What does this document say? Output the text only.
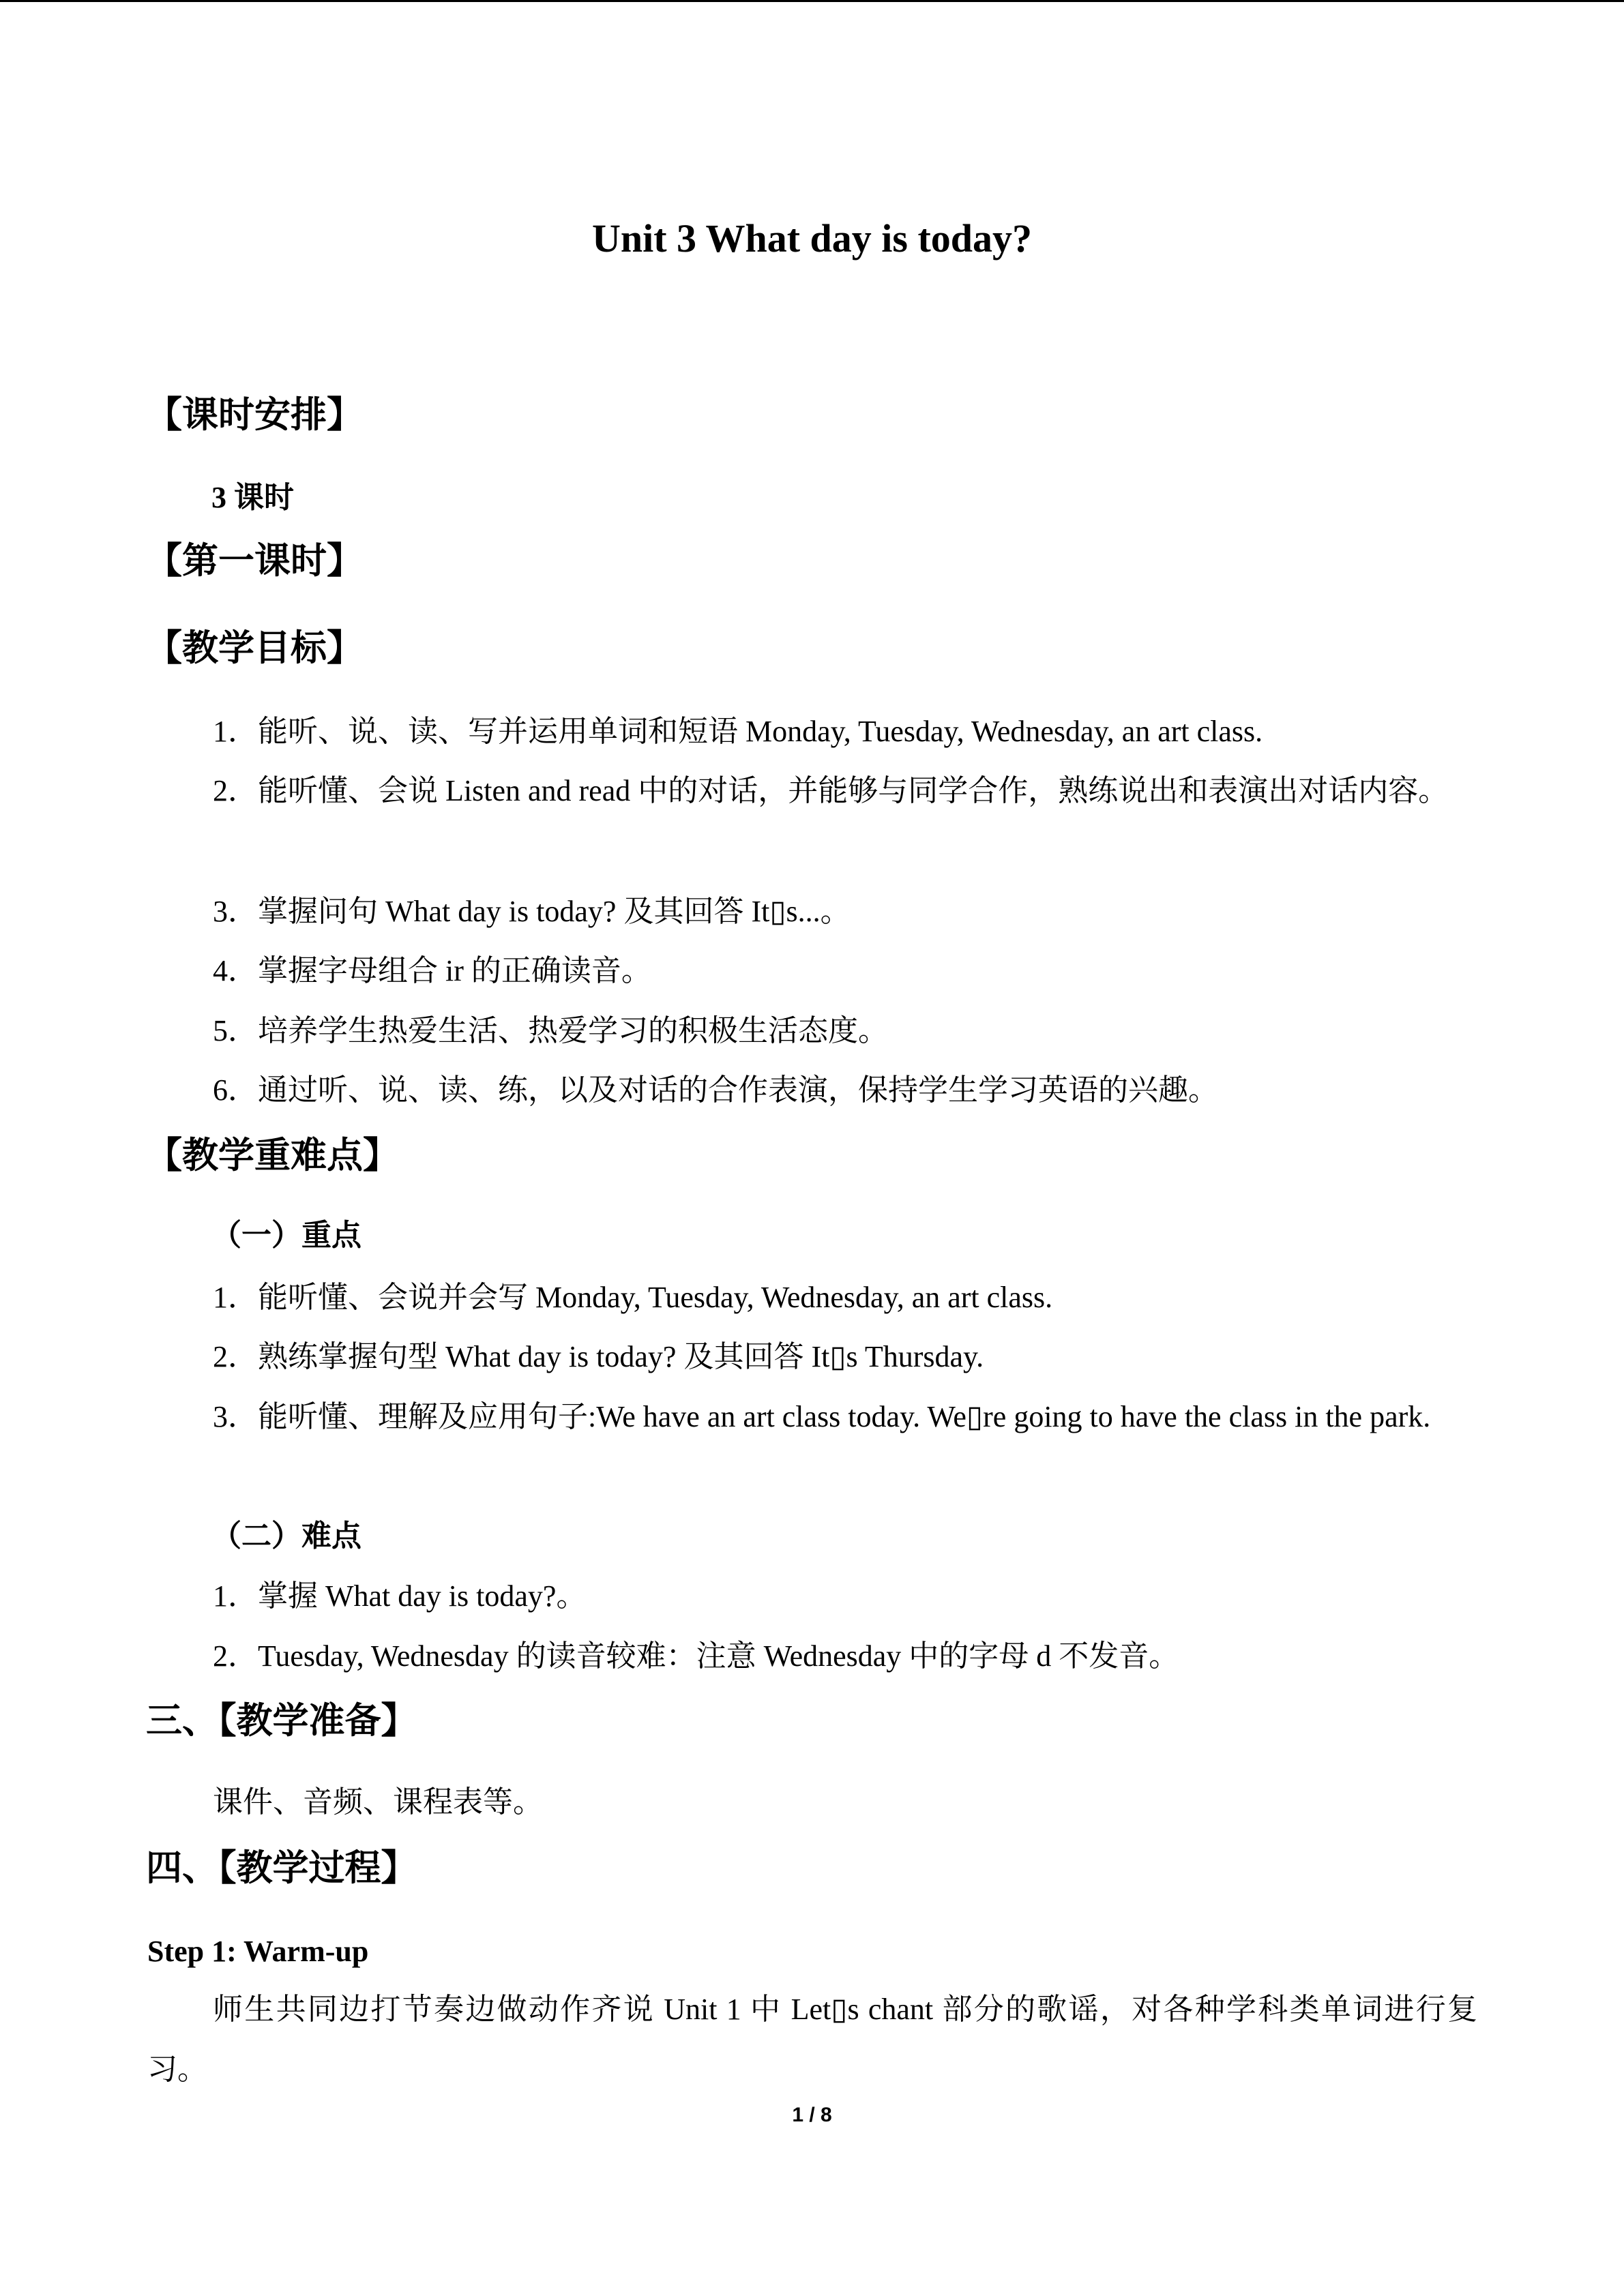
Unit 3 What day is today?
【课时安排】
3 课时
【第一课时】
【教学目标】
1．能听、说、读、写并运用单词和短语 Monday, Tuesday, Wednesday, an art class.

2．能听懂、会说 Listen and read 中的对话，并能够与同学合作，熟练说出和表演出对话内容。

3．掌握问句 What day is today? 及其回答 It▯s...。
4．掌握字母组合 ir 的正确读音。
5．培养学生热爱生活、热爱学习的积极生活态度。
6．通过听、说、读、练，以及对话的合作表演，保持学生学习英语的兴趣。
【教学重难点】
（一）重点
1．能听懂、会说并会写 Monday, Tuesday, Wednesday, an art class.
2．熟练掌握句型 What day is today? 及其回答 It▯s Thursday.

3．能听懂、理解及应用句子:We have an art class today. We▯re going to have the class in the park.

（二）难点
1．掌握 What day is today?。
2．Tuesday, Wednesday 的读音较难：注意 Wednesday 中的字母 d 不发音。
三、【教学准备】
课件、音频、课程表等。
四、【教学过程】
Step 1: Warm-up

师生共同边打节奏边做动作齐说 Unit 1 中 Let▯s chant 部分的歌谣，对各种学科类单词进行复习。

1 / 8
